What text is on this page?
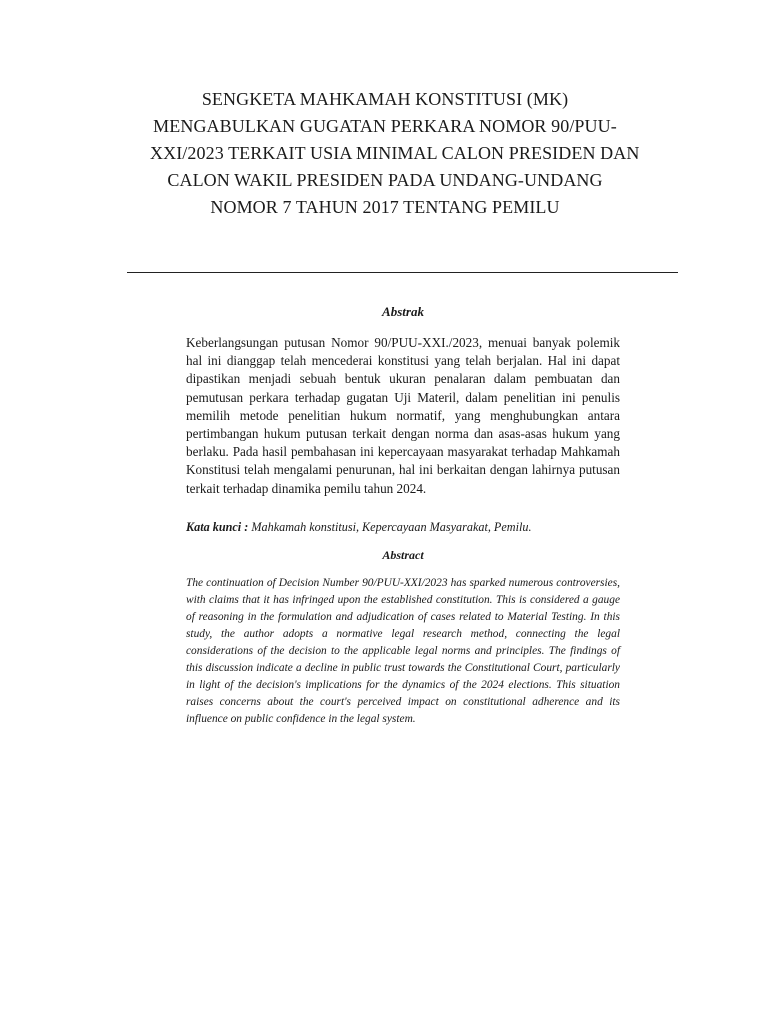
SENGKETA MAHKAMAH KONSTITUSI (MK)
MENGABULKAN GUGATAN PERKARA NOMOR 90/PUU-
XXI/2023 TERKAIT USIA MINIMAL CALON PRESIDEN DAN
CALON WAKIL PRESIDEN PADA UNDANG-UNDANG
NOMOR 7 TAHUN 2017 TENTANG PEMILU
Abstrak

Keberlangsungan putusan Nomor 90/PUU-XXI./2023, menuai banyak polemik hal ini dianggap telah mencederai konstitusi yang telah berjalan. Hal ini dapat dipastikan menjadi sebuah bentuk ukuran penalaran dalam pembuatan dan pemutusan perkara terhadap gugatan Uji Materil, dalam penelitian ini penulis memilih metode penelitian hukum normatif, yang menghubungkan antara pertimbangan hukum putusan terkait dengan norma dan asas-asas hukum yang berlaku. Pada hasil pembahasan ini kepercayaan masyarakat terhadap Mahkamah Konstitusi telah mengalami penurunan, hal ini berkaitan dengan lahirnya putusan terkait terhadap dinamika pemilu tahun 2024.

Kata kunci : Mahkamah konstitusi, Kepercayaan Masyarakat, Pemilu.
Abstract

The continuation of Decision Number 90/PUU-XXI/2023 has sparked numerous controversies, with claims that it has infringed upon the established constitution. This is considered a gauge of reasoning in the formulation and adjudication of cases related to Material Testing. In this study, the author adopts a normative legal research method, connecting the legal considerations of the decision to the applicable legal norms and principles. The findings of this discussion indicate a decline in public trust towards the Constitutional Court, particularly in light of the decision's implications for the dynamics of the 2024 elections. This situation raises concerns about the court's perceived impact on constitutional adherence and its influence on public confidence in the legal system.
